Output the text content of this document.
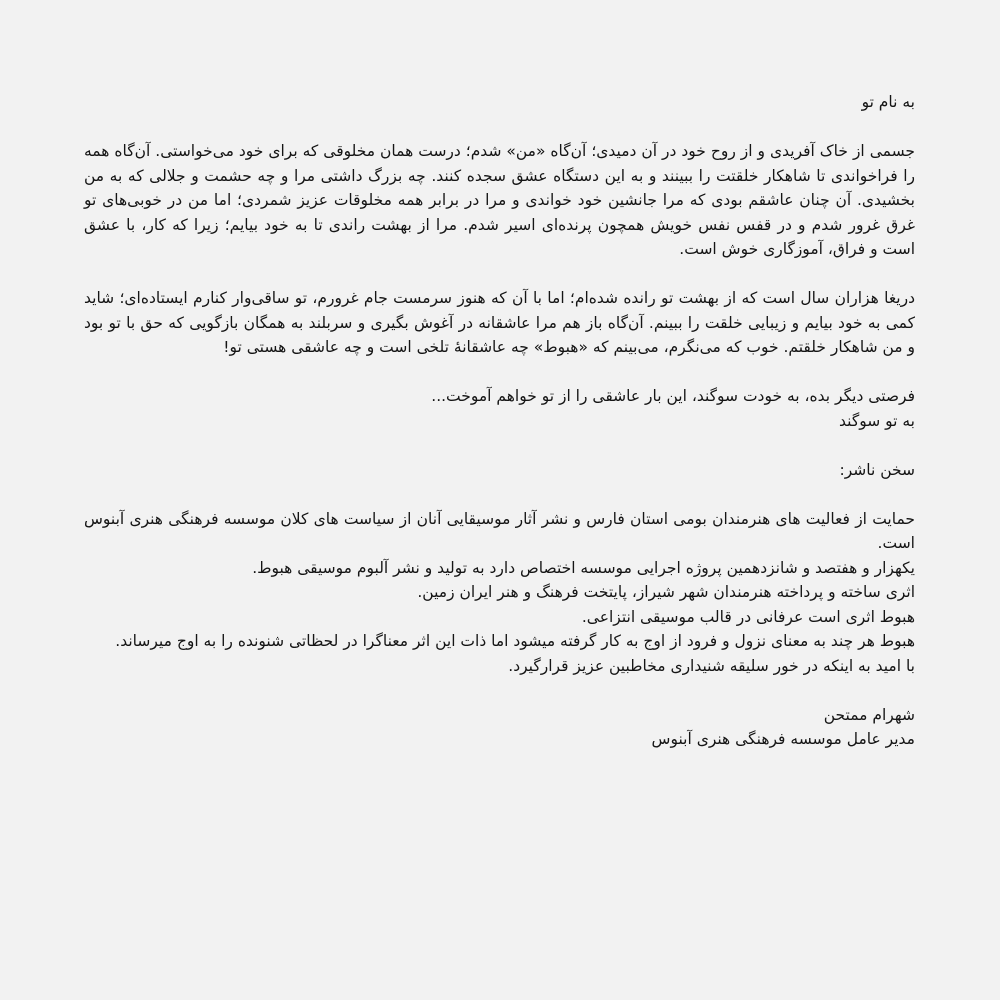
به نام تو

جسمی از خاک آفریدی و از روح خود در آن دمیدی؛ آن‌گاه «من» شدم؛ درست همان مخلوقی که برای خود می‌خواستی. آن‌گاه همه را فراخواندی تا شاهکار خلقتت را ببینند و به این دستگاه عشق سجده کنند. چه بزرگ داشتی مرا و چه حشمت و جلالی که به من بخشیدی. آن چنان عاشقم بودی که مرا جانشین خود خواندی و مرا در برابر همه مخلوقات عزیز شمردی؛ اما من در خوبی‌های تو غرق غرور شدم و در قفس نفس خویش همچون پرنده‌ای اسیر شدم. مرا از بهشت راندی تا به خود بیایم؛ زیرا که کار، با عشق است و فراق، آموزگاری خوش است.

دریغا هزاران سال است که از بهشت تو رانده شده‌ام؛ اما با آن که هنوز سرمست جام غرورم، تو ساقی‌وار کنارم ایستاده‌ای؛ شاید کمی به خود بیایم و زیبایی خلقت را ببینم. آن‌گاه باز هم مرا عاشقانه در آغوش بگیری و سربلند به همگان بازگویی که حق با تو بود و من شاهکار خلقتم. خوب که می‌نگرم، می‌بینم که «هبوط» چه عاشقانهٔ تلخی است و چه عاشقی هستی تو!

فرصتی دیگر بده، به خودت سوگند، این بار عاشقی را از تو خواهم آموخت...

به تو سوگند

سخن ناشر:

حمایت از فعالیت های هنرمندان بومی استان فارس و نشر آثار موسیقایی آنان از سیاست های کلان موسسه فرهنگی هنری آبنوس است.

یکهزار و هفتصد و شانزدهمین پروژه اجرایی موسسه اختصاص دارد به تولید و نشر آلبوم موسیقی هبوط.

اثری ساخته و پرداخته هنرمندان شهر شیراز، پایتخت فرهنگ و هنر ایران زمین.

هبوط اثری است عرفانی در قالب موسیقی انتزاعی.

هبوط هر چند به معنای نزول و فرود از اوج به کار گرفته میشود اما ذات این اثر معناگرا در لحظاتی شنونده را به اوج میرساند.

با امید به اینکه در خور سلیقه شنیداری مخاطبین عزیز قرارگیرد.

شهرام ممتحن

مدیر عامل موسسه فرهنگی هنری آبنوس
